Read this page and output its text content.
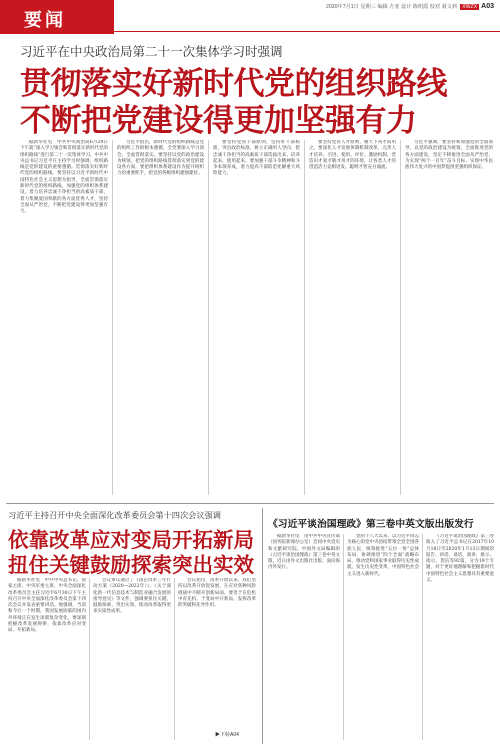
要闻
2020年7月1日 星期三 编辑 方亚 设计 陈明霞 校对 聂文莉 XWZX A03
习近平在中央政治局第二十一次集体学习时强调
贯彻落实好新时代党的组织路线
不断把党建设得更加坚强有力

据新华社电　中共中央政治局6月29日下午就“深入学习领会和贯彻落实新时代党的组织路线”进行第二十一次集体学习。中共中央总书记习近平在主持学习时强调，组织路线是党的建设的重要遵循。贯彻落实好新时代党的组织路线，要坚持以习近平新时代中国特色社会主义思想为指导，全面贯彻落实新时代党的组织路线，加强党的组织体系建设，着力培养忠诚干净担当的高素质干部，着力集聚爱国奉献的各方面优秀人才，坚持全面从严治党，不断把党建设得更加坚强有力。

习近平指出，新时代党的组织路线是党的组织工作的根本遵循，全党要深入学习领会、全面贯彻落实。要坚持以党的政治建设为统领，把党的组织路线贯彻落实到党的建设各方面。要把组织体系建设作为提升组织力的重要抓手，把党的各级组织建强建好。

要坚持党管干部原则，坚持好干部标准，突出政治标准，树立正确用人导向，把忠诚干净担当的高素质干部选拔出来、培养起来、使用起来。要加强干部斗争精神和斗争本领养成，着力提高干部防范化解重大风险能力。

要坚持党管人才原则，聚天下英才而用之。要深化人才发展体制机制改革，完善人才培养、引进、使用、评价、激励机制，营造识才爱才敬才用才的环境，让各类人才的创造活力竞相迸发、聪明才智充分涌流。

习近平强调，要坚持和加强党的全面领导，以党的政治建设为统领，全面推进党的各方面建设，坚定不移推进全面从严治党，为实现“两个一百年”奋斗目标、实现中华民族伟大复兴的中国梦提供坚强组织保证。

习近平主持召开中央全面深化改革委员会第十四次会议强调
依靠改革应对变局开拓新局
扭住关键鼓励探索突出实效

据新华社电　中共中央总书记、国家主席、中央军委主席、中央全面深化改革委员会主任习近平6月30日下午主持召开中央全面深化改革委员会第十四次会议并发表重要讲话。他强调，当前和今后一个时期，我国发展面临的国内外环境正在发生深刻复杂变化，要深刻把握改革发展规律，依靠改革应对变局、开拓新局。

会议审议通过了《国企改革三年行动方案（2020—2022年）》、《关于深化新一代信息技术与制造业融合发展的指导意见》等文件，强调要扭住关键、鼓励探索、突出实效，推动改革取得更多实质性成果。

会议指出，改革开放以来，我们坚持以改革开放促发展，在应对各种风险挑战中不断开创新局面。要善于在危机中育先机、于变局中开新局，发挥改革的突破和先导作用。

▶下转A04
《习近平谈治国理政》第三卷中英文版出版发行

据新华社电　由中共中央宣传部（国务院新闻办公室）会同中央党史和文献研究院、中国外文局编辑的《习近平谈治国理政》第三卷中英文版，近日由外文出版社出版，面向海内外发行。

党的十八大以来，以习近平同志为核心的党中央团结带领全党全国各族人民，统筹推进“五位一体”总体布局、协调推进“四个全面”战略布局，推动党和国家事业取得历史性成就、发生历史性变革，中国特色社会主义进入新时代。

《习近平谈治国理政》第三卷收入了习近平总书记在2017年10月18日至2020年1月13日期间的报告、讲话、谈话、演讲、批示、指示、贺信等92篇，分为19个专题，对于更好地理解和把握新时代中国特色社会主义思想具有重要意义。
